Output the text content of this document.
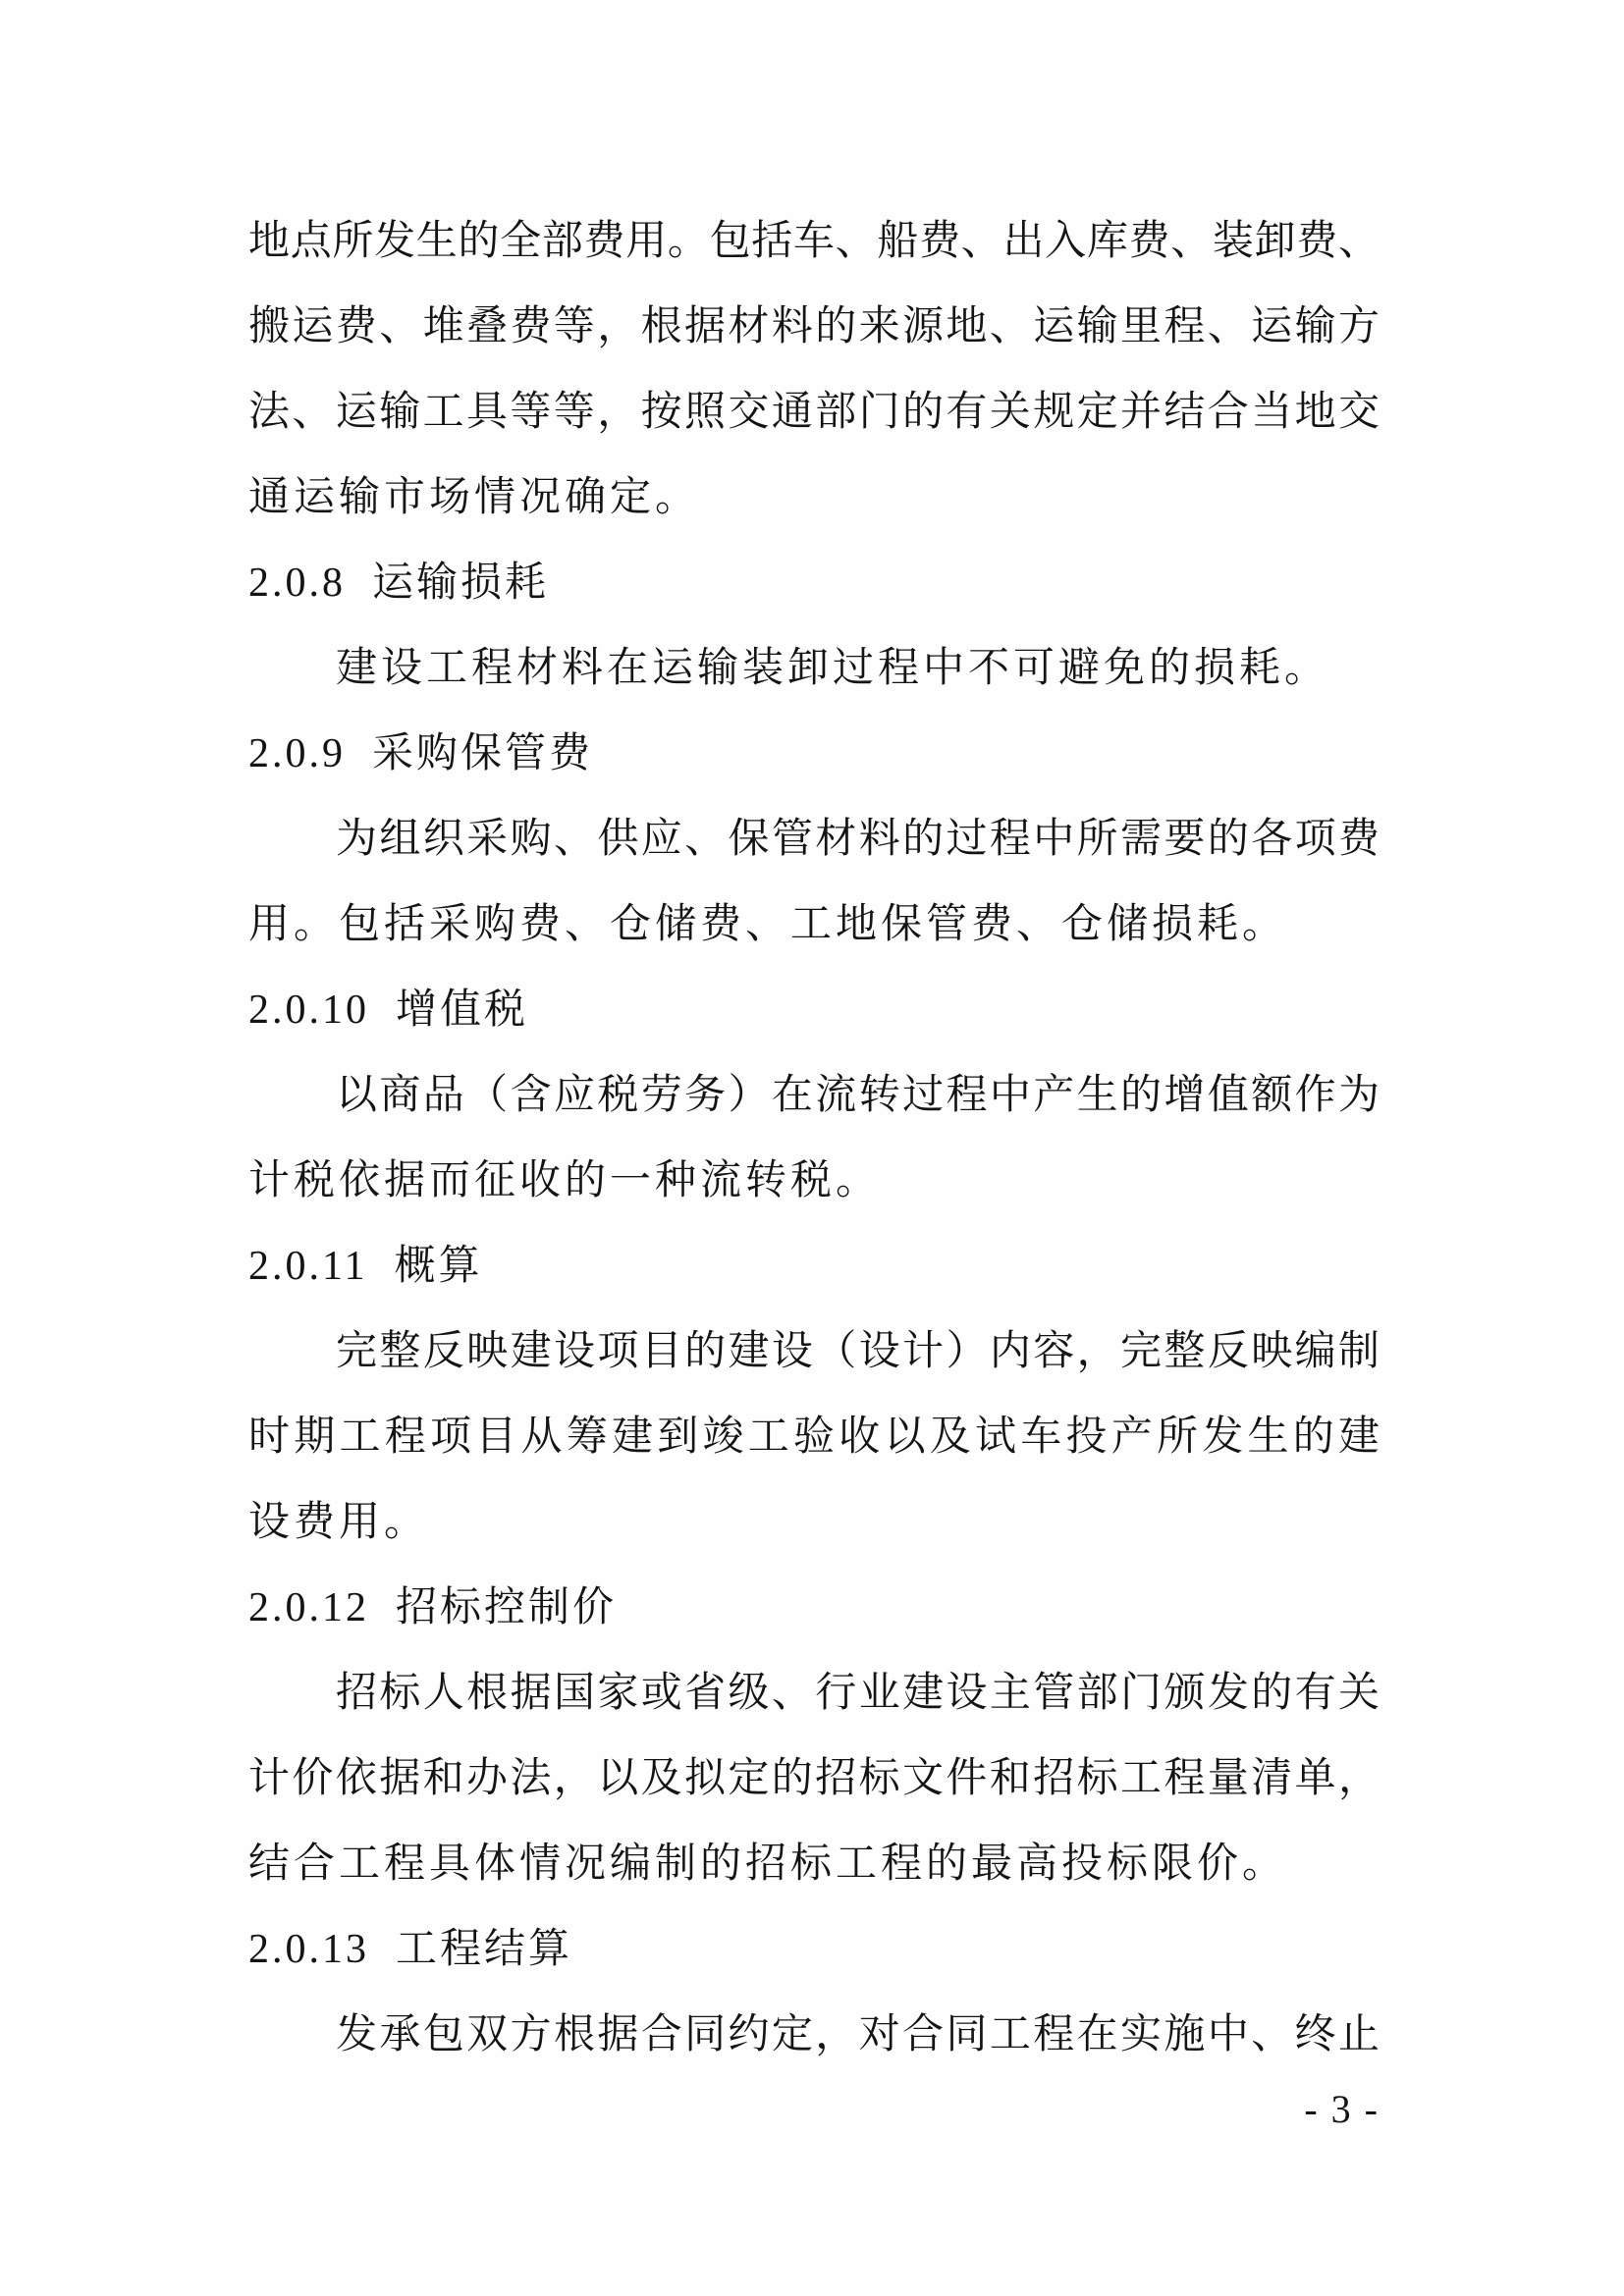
地点所发生的全部费用。包括车、船费、出入库费、装卸费、
搬运费、堆叠费等，根据材料的来源地、运输里程、运输方
法、运输工具等等，按照交通部门的有关规定并结合当地交
通运输市场情况确定。
2.0.8  运输损耗
建设工程材料在运输装卸过程中不可避免的损耗。
2.0.9  采购保管费
为组织采购、供应、保管材料的过程中所需要的各项费
用。包括采购费、仓储费、工地保管费、仓储损耗。
2.0.10  增值税
以商品（含应税劳务）在流转过程中产生的增值额作为
计税依据而征收的一种流转税。
2.0.11  概算
完整反映建设项目的建设（设计）内容，完整反映编制
时期工程项目从筹建到竣工验收以及试车投产所发生的建
设费用。
2.0.12  招标控制价
招标人根据国家或省级、行业建设主管部门颁发的有关
计价依据和办法，以及拟定的招标文件和招标工程量清单，
结合工程具体情况编制的招标工程的最高投标限价。
2.0.13  工程结算
发承包双方根据合同约定，对合同工程在实施中、终止
- 3 -
